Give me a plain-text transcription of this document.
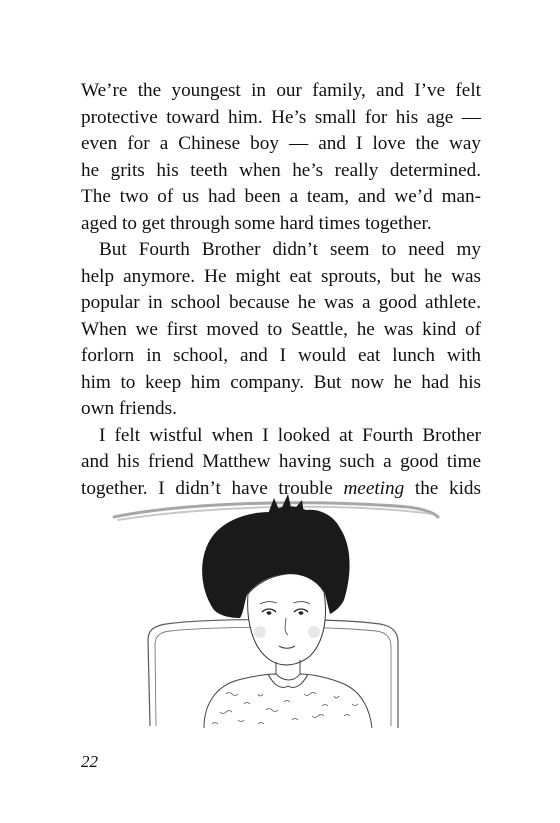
We’re the youngest in our family, and I’ve felt
protective toward him. He’s small for his age —
even for a Chinese boy — and I love the way
he grits his teeth when he’s really determined.
The two of us had been a team, and we’d man-
aged to get through some hard times together.
But Fourth Brother didn’t seem to need my
help anymore. He might eat sprouts, but he was
popular in school because he was a good athlete.
When we first moved to Seattle, he was kind of
forlorn in school, and I would eat lunch with
him to keep him company. But now he had his
own friends.
I felt wistful when I looked at Fourth Brother
and his friend Matthew having such a good time
together. I didn’t have trouble meeting the kids
22
